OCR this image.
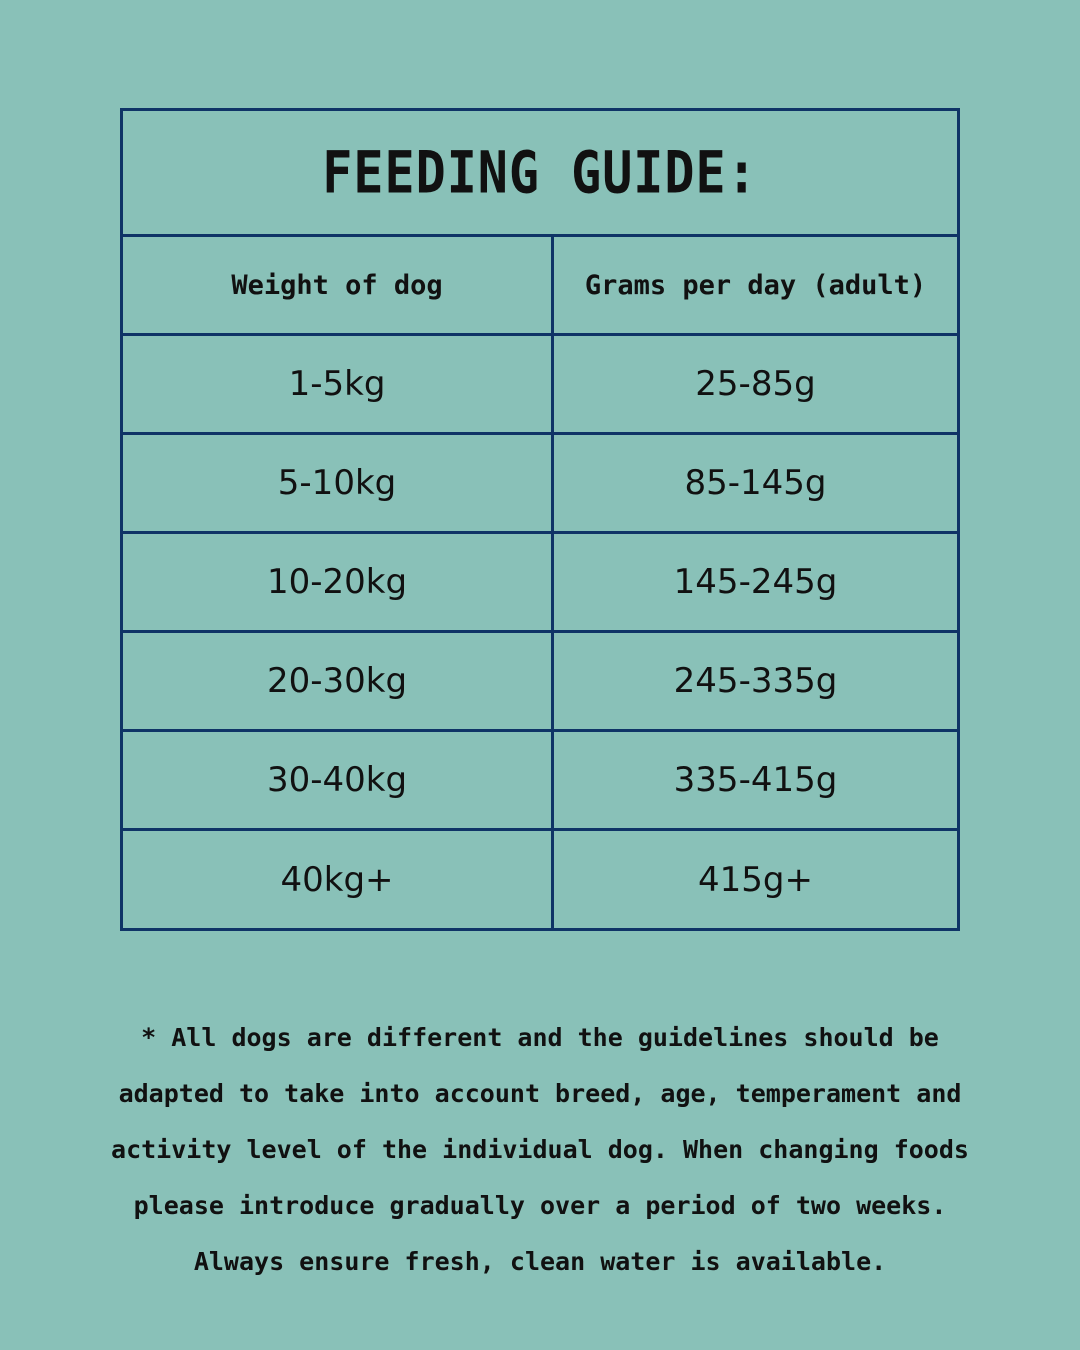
FEEDING GUIDE:
Weight of dog	Grams per day (adult)
1-5kg	25-85g
5-10kg	85-145g
10-20kg	145-245g
20-30kg	245-335g
30-40kg	335-415g
40kg+	415g+

* All dogs are different and the guidelines should be adapted to take into account breed, age, temperament and activity level of the individual dog. When changing foods please introduce gradually over a period of two weeks. Always ensure fresh, clean water is available.
